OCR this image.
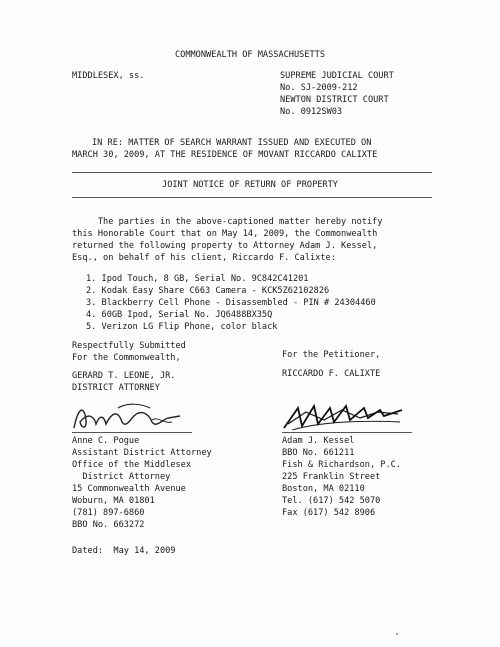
COMMONWEALTH OF MASSACHUSETTS
MIDDLESEX, ss.	SUPREME JUDICIAL COURT
No. SJ-2009-212
NEWTON DISTRICT COURT
No. 0912SW03
IN RE: MATTER OF SEARCH WARRANT ISSUED AND EXECUTED ON
MARCH 30, 2009, AT THE RESIDENCE OF MOVANT RICCARDO CALIXTE
JOINT NOTICE OF RETURN OF PROPERTY
The parties in the above-captioned matter hereby notify
this Honorable Court that on May 14, 2009, the Commonwealth
returned the following property to Attorney Adam J. Kessel,
Esq., on behalf of his client, Riccardo F. Calixte:
1. Ipod Touch, 8 GB, Serial No. 9C842C41201
2. Kodak Easy Share C663 Camera - KCK5Z62102826
3. Blackberry Cell Phone - Disassembled - PIN # 24304460
4. 60GB Ipod, Serial No. JQ6488BX35Q
5. Verizon LG Flip Phone, color black
Respectfully Submitted
For the Commonwealth,	For the Petitioner,
GERARD T. LEONE, JR.
DISTRICT ATTORNEY
RICCARDO F. CALIXTE
Anne C. Pogue
Assistant District Attorney
Office of the Middlesex
District Attorney
15 Commonwealth Avenue
Woburn, MA 01801
(781) 897-6860
BBO No. 663272
Adam J. Kessel
BBO No. 661211
Fish & Richardson, P.C.
225 Franklin Street
Boston, MA 02110
Tel. (617) 542 5070
Fax (617) 542 8906
Dated:  May 14, 2009
